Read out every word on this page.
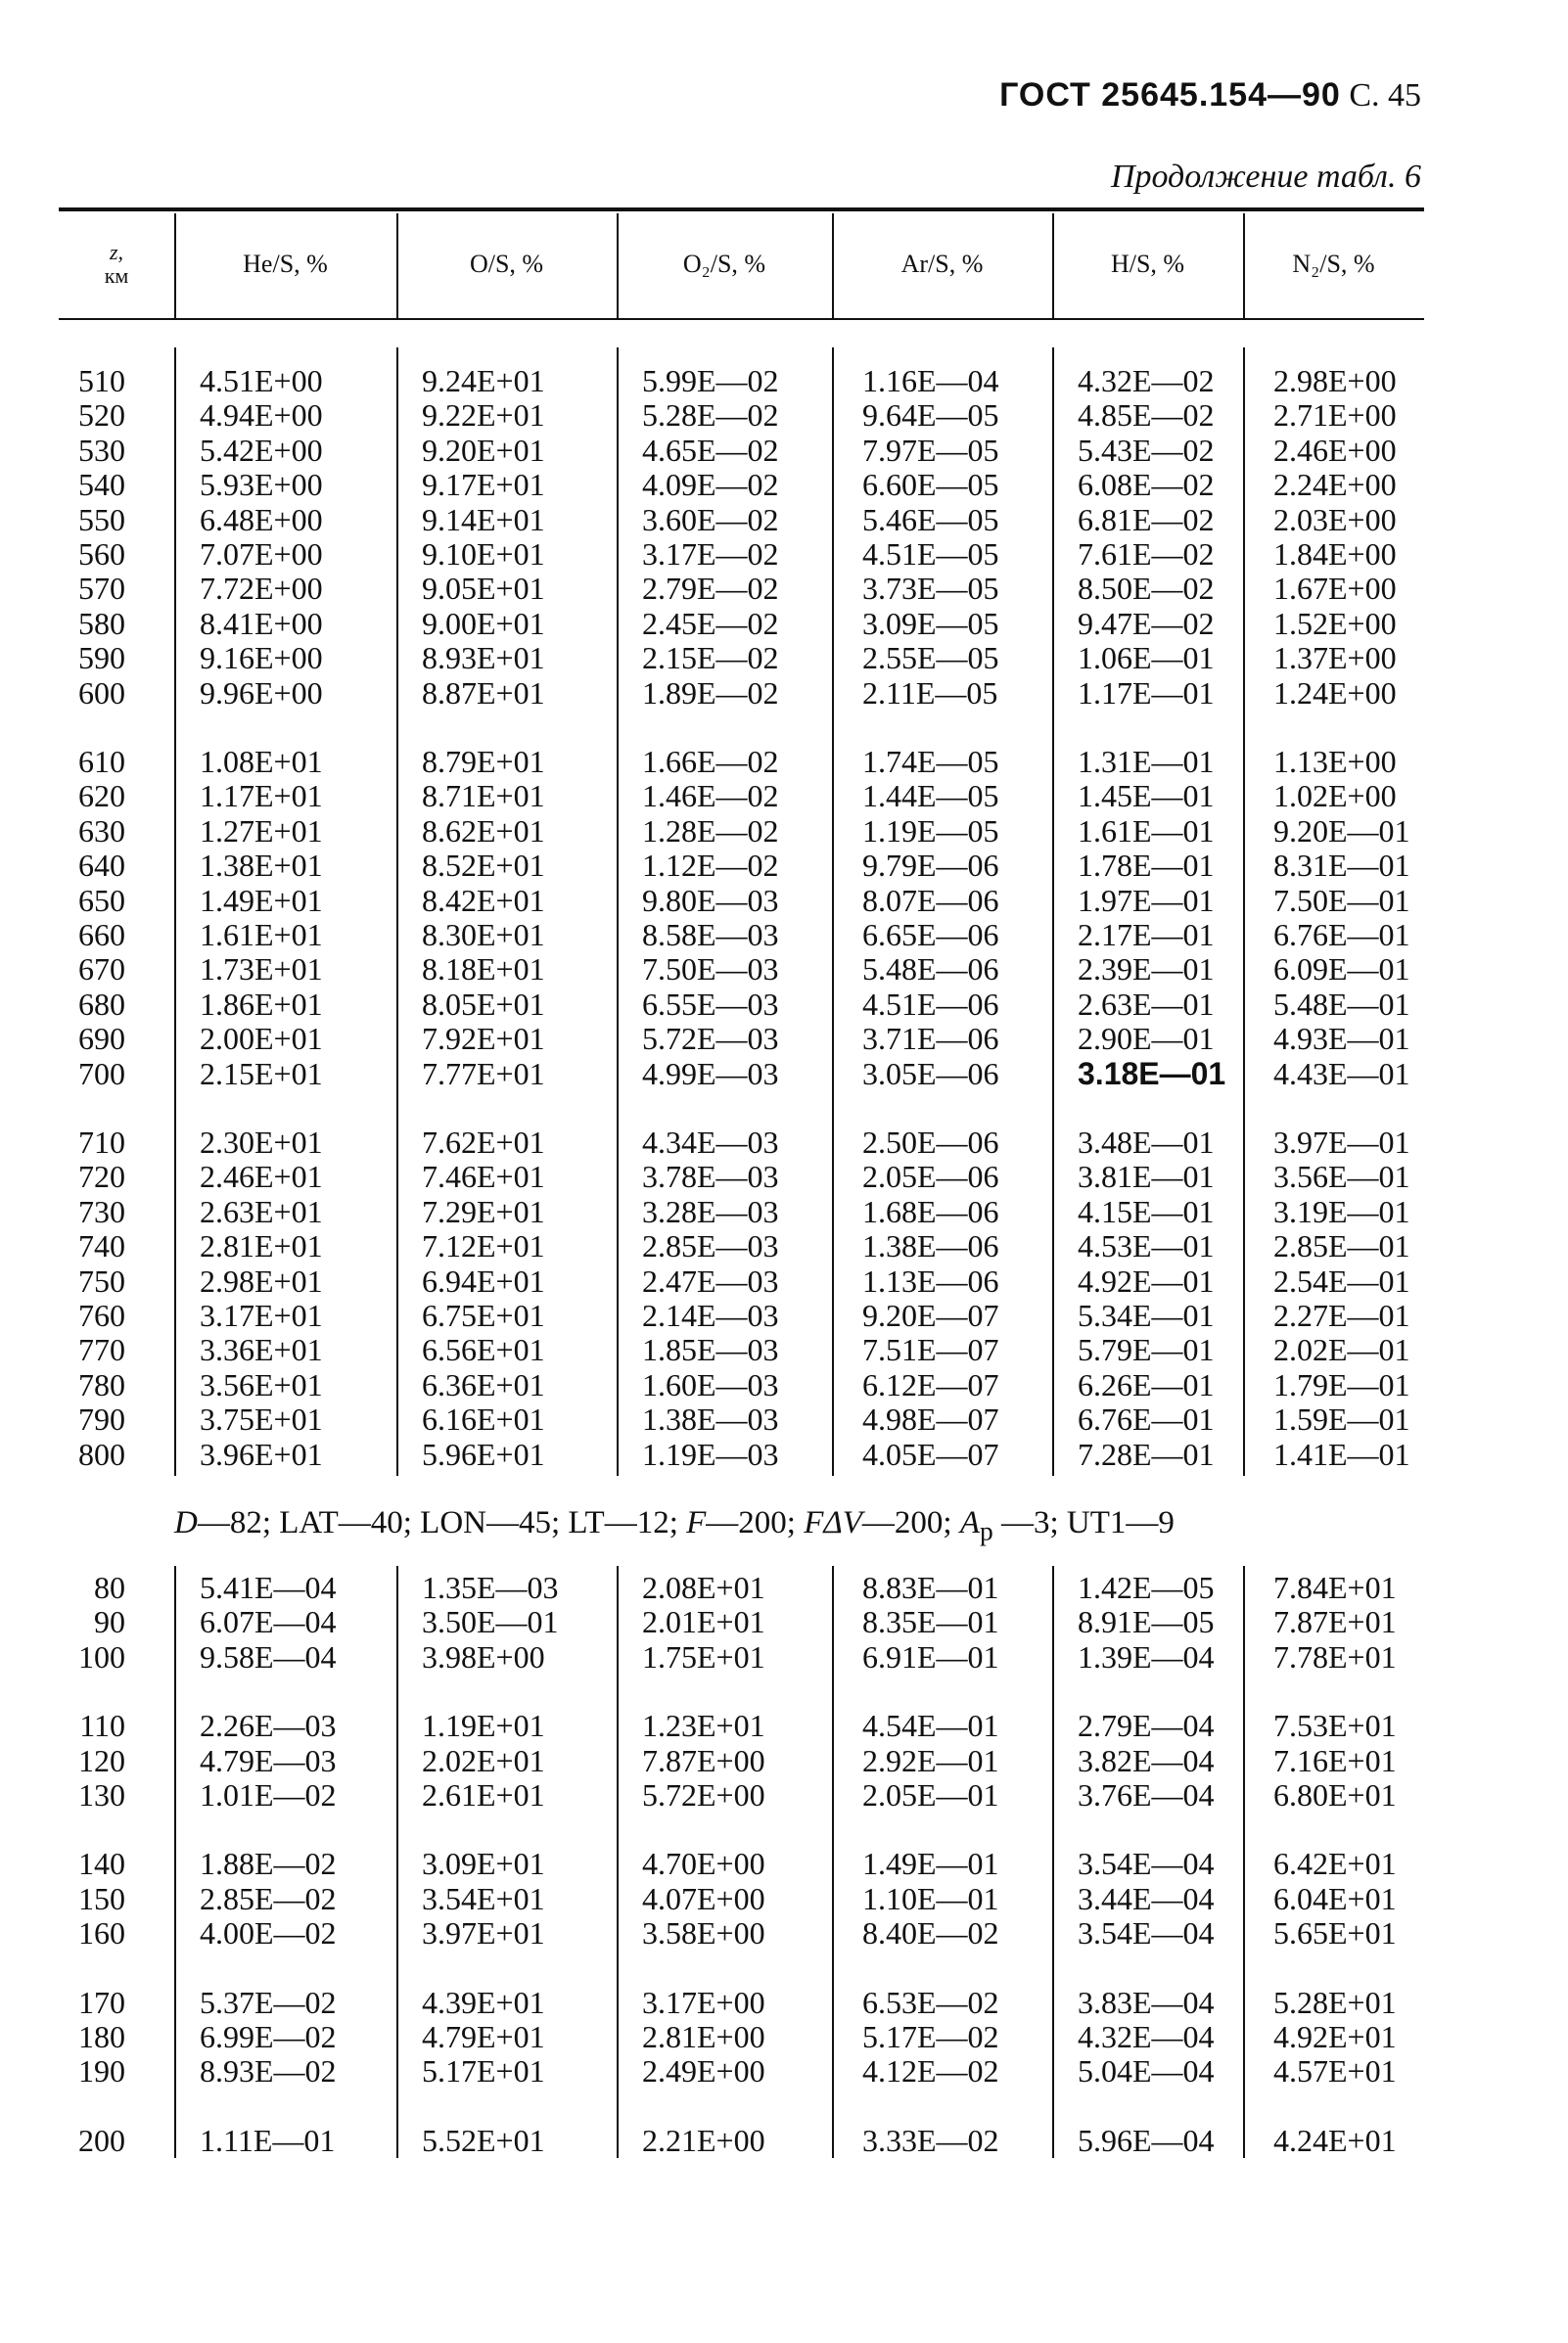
ГОСТ 25645.154—90 С. 45
Продолжение табл. 6
z,
км	He/S, %	O/S, %	O₂/S, %	Ar/S, %	H/S, %	N₂/S, %
510 4.51E+00	9.24E+01	5.99E—02	1.16E—04	4.32E—02 2.98E+00
520 4.94E+00	9.22E+01	5.28E—02	9.64E—05	4.85E—02 2.71E+00
530 5.42E+00	9.20E+01	4.65E—02	7.97E—05	5.43E—02 2.46E+00
540 5.93E+00	9.17E+01	4.09E—02	6.60E—05	6.08E—02 2.24E+00
550 6.48E+00	9.14E+01	3.60E—02	5.46E—05	6.81E—02 2.03E+00
560 7.07E+00	9.10E+01	3.17E—02	4.51E—05	7.61E—02 1.84E+00
570 7.72E+00	9.05E+01	2.79E—02	3.73E—05	8.50E—02 1.67E+00
580 8.41E+00	9.00E+01	2.45E—02	3.09E—05	9.47E—02 1.52E+00
590 9.16E+00	8.93E+01	2.15E—02	2.55E—05	1.06E—01 1.37E+00
600 9.96E+00	8.87E+01	1.89E—02	2.11E—05	1.17E—01 1.24E+00
610 1.08E+01	8.79E+01	1.66E—02	1.74E—05	1.31E—01 1.13E+00
620 1.17E+01	8.71E+01	1.46E—02	1.44E—05	1.45E—01 1.02E+00
630 1.27E+01	8.62E+01	1.28E—02	1.19E—05	1.61E—01 9.20E—01
640 1.38E+01	8.52E+01	1.12E—02	9.79E—06	1.78E—01 8.31E—01
650 1.49E+01	8.42E+01	9.80E—03	8.07E—06	1.97E—01 7.50E—01
660 1.61E+01	8.30E+01	8.58E—03	6.65E—06	2.17E—01 6.76E—01
670 1.73E+01	8.18E+01	7.50E—03	5.48E—06	2.39E—01 6.09E—01
680 1.86E+01	8.05E+01	6.55E—03	4.51E—06	2.63E—01 5.48E—01
690 2.00E+01	7.92E+01	5.72E—03	3.71E—06	2.90E—01 4.93E—01
700 2.15E+01	7.77E+01	4.99E—03	3.05E—06	3.18E—01 4.43E—01
710 2.30E+01	7.62E+01	4.34E—03	2.50E—06	3.48E—01 3.97E—01
720 2.46E+01	7.46E+01	3.78E—03	2.05E—06	3.81E—01 3.56E—01
730 2.63E+01	7.29E+01	3.28E—03	1.68E—06	4.15E—01 3.19E—01
740 2.81E+01	7.12E+01	2.85E—03	1.38E—06	4.53E—01 2.85E—01
750 2.98E+01	6.94E+01	2.47E—03	1.13E—06	4.92E—01 2.54E—01
760 3.17E+01	6.75E+01	2.14E—03	9.20E—07	5.34E—01 2.27E—01
770 3.36E+01	6.56E+01	1.85E—03	7.51E—07	5.79E—01 2.02E—01
780 3.56E+01	6.36E+01	1.60E—03	6.12E—07	6.26E—01 1.79E—01
790 3.75E+01	6.16E+01	1.38E—03	4.98E—07	6.76E—01 1.59E—01
800 3.96E+01	5.96E+01	1.19E—03	4.05E—07	7.28E—01 1.41E—01
80 5.41E—04	1.35E—03	2.08E+01	8.83E—01	1.42E—05 7.84E+01
90 6.07E—04	3.50E—01	2.01E+01	8.35E—01	8.91E—05 7.87E+01
100 9.58E—04	3.98E+00	1.75E+01	6.91E—01	1.39E—04 7.78E+01
110 2.26E—03	1.19E+01	1.23E+01	4.54E—01	2.79E—04 7.53E+01
120 4.79E—03	2.02E+01	7.87E+00	2.92E—01	3.82E—04 7.16E+01
130 1.01E—02	2.61E+01	5.72E+00	2.05E—01	3.76E—04 6.80E+01
140 1.88E—02	3.09E+01	4.70E+00	1.49E—01	3.54E—04 6.42E+01
150 2.85E—02	3.54E+01	4.07E+00	1.10E—01	3.44E—04 6.04E+01
160 4.00E—02	3.97E+01	3.58E+00	8.40E—02	3.54E—04 5.65E+01
170 5.37E—02	4.39E+01	3.17E+00	6.53E—02	3.83E—04 5.28E+01
180 6.99E—02	4.79E+01	2.81E+00	5.17E—02	4.32E—04 4.92E+01
190 8.93E—02	5.17E+01	2.49E+00	4.12E—02	5.04E—04 4.57E+01
200 1.11E—01	5.52E+01	2.21E+00	3.33E—02	5.96E—04 4.24E+01
D—82; LAT—40; LON—45; LT—12; F—200; FΔV—200; $A_p$ —3; UT1—9
